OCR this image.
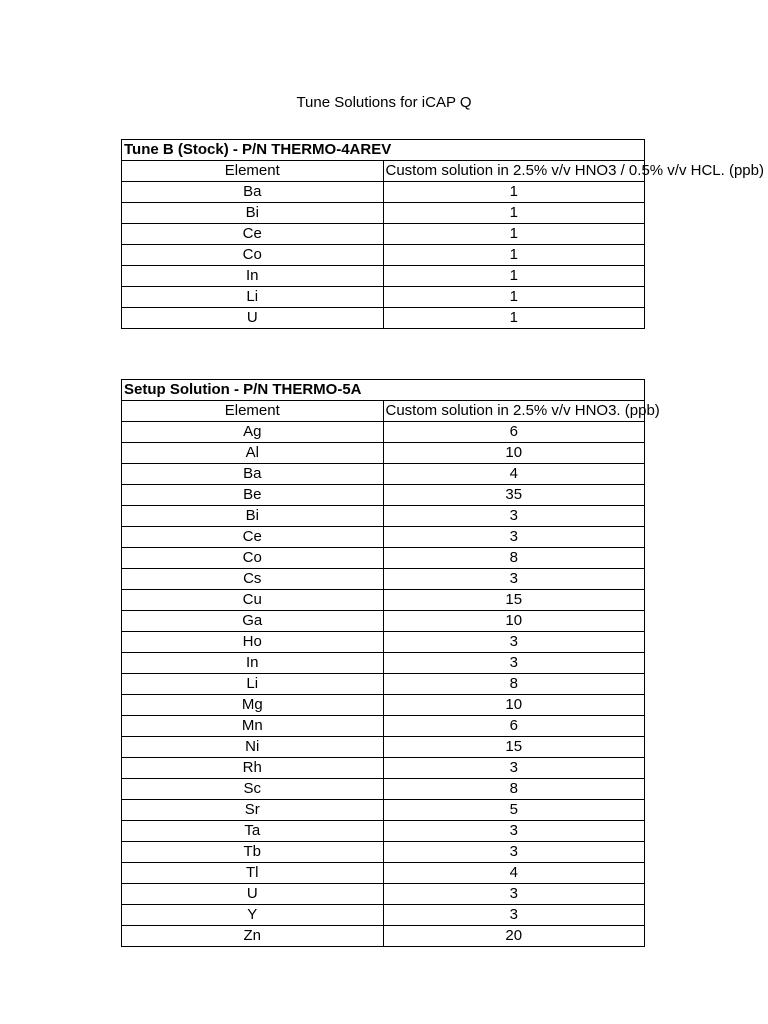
Tune Solutions for iCAP Q
Tune B (Stock) - P/N THERMO-4AREV	
Element	Custom solution in 2.5% v/v HNO3 / 0.5% v/v HCL. (ppb)
Ba	1
Bi	1
Ce	1
Co	1
In	1
Li	1
U	1
Setup Solution - P/N THERMO-5A	
Element	Custom solution in 2.5% v/v HNO3. (ppb)
Ag	6
Al	10
Ba	4
Be	35
Bi	3
Ce	3
Co	8
Cs	3
Cu	15
Ga	10
Ho	3
In	3
Li	8
Mg	10
Mn	6
Ni	15
Rh	3
Sc	8
Sr	5
Ta	3
Tb	3
Tl	4
U	3
Y	3
Zn	20
